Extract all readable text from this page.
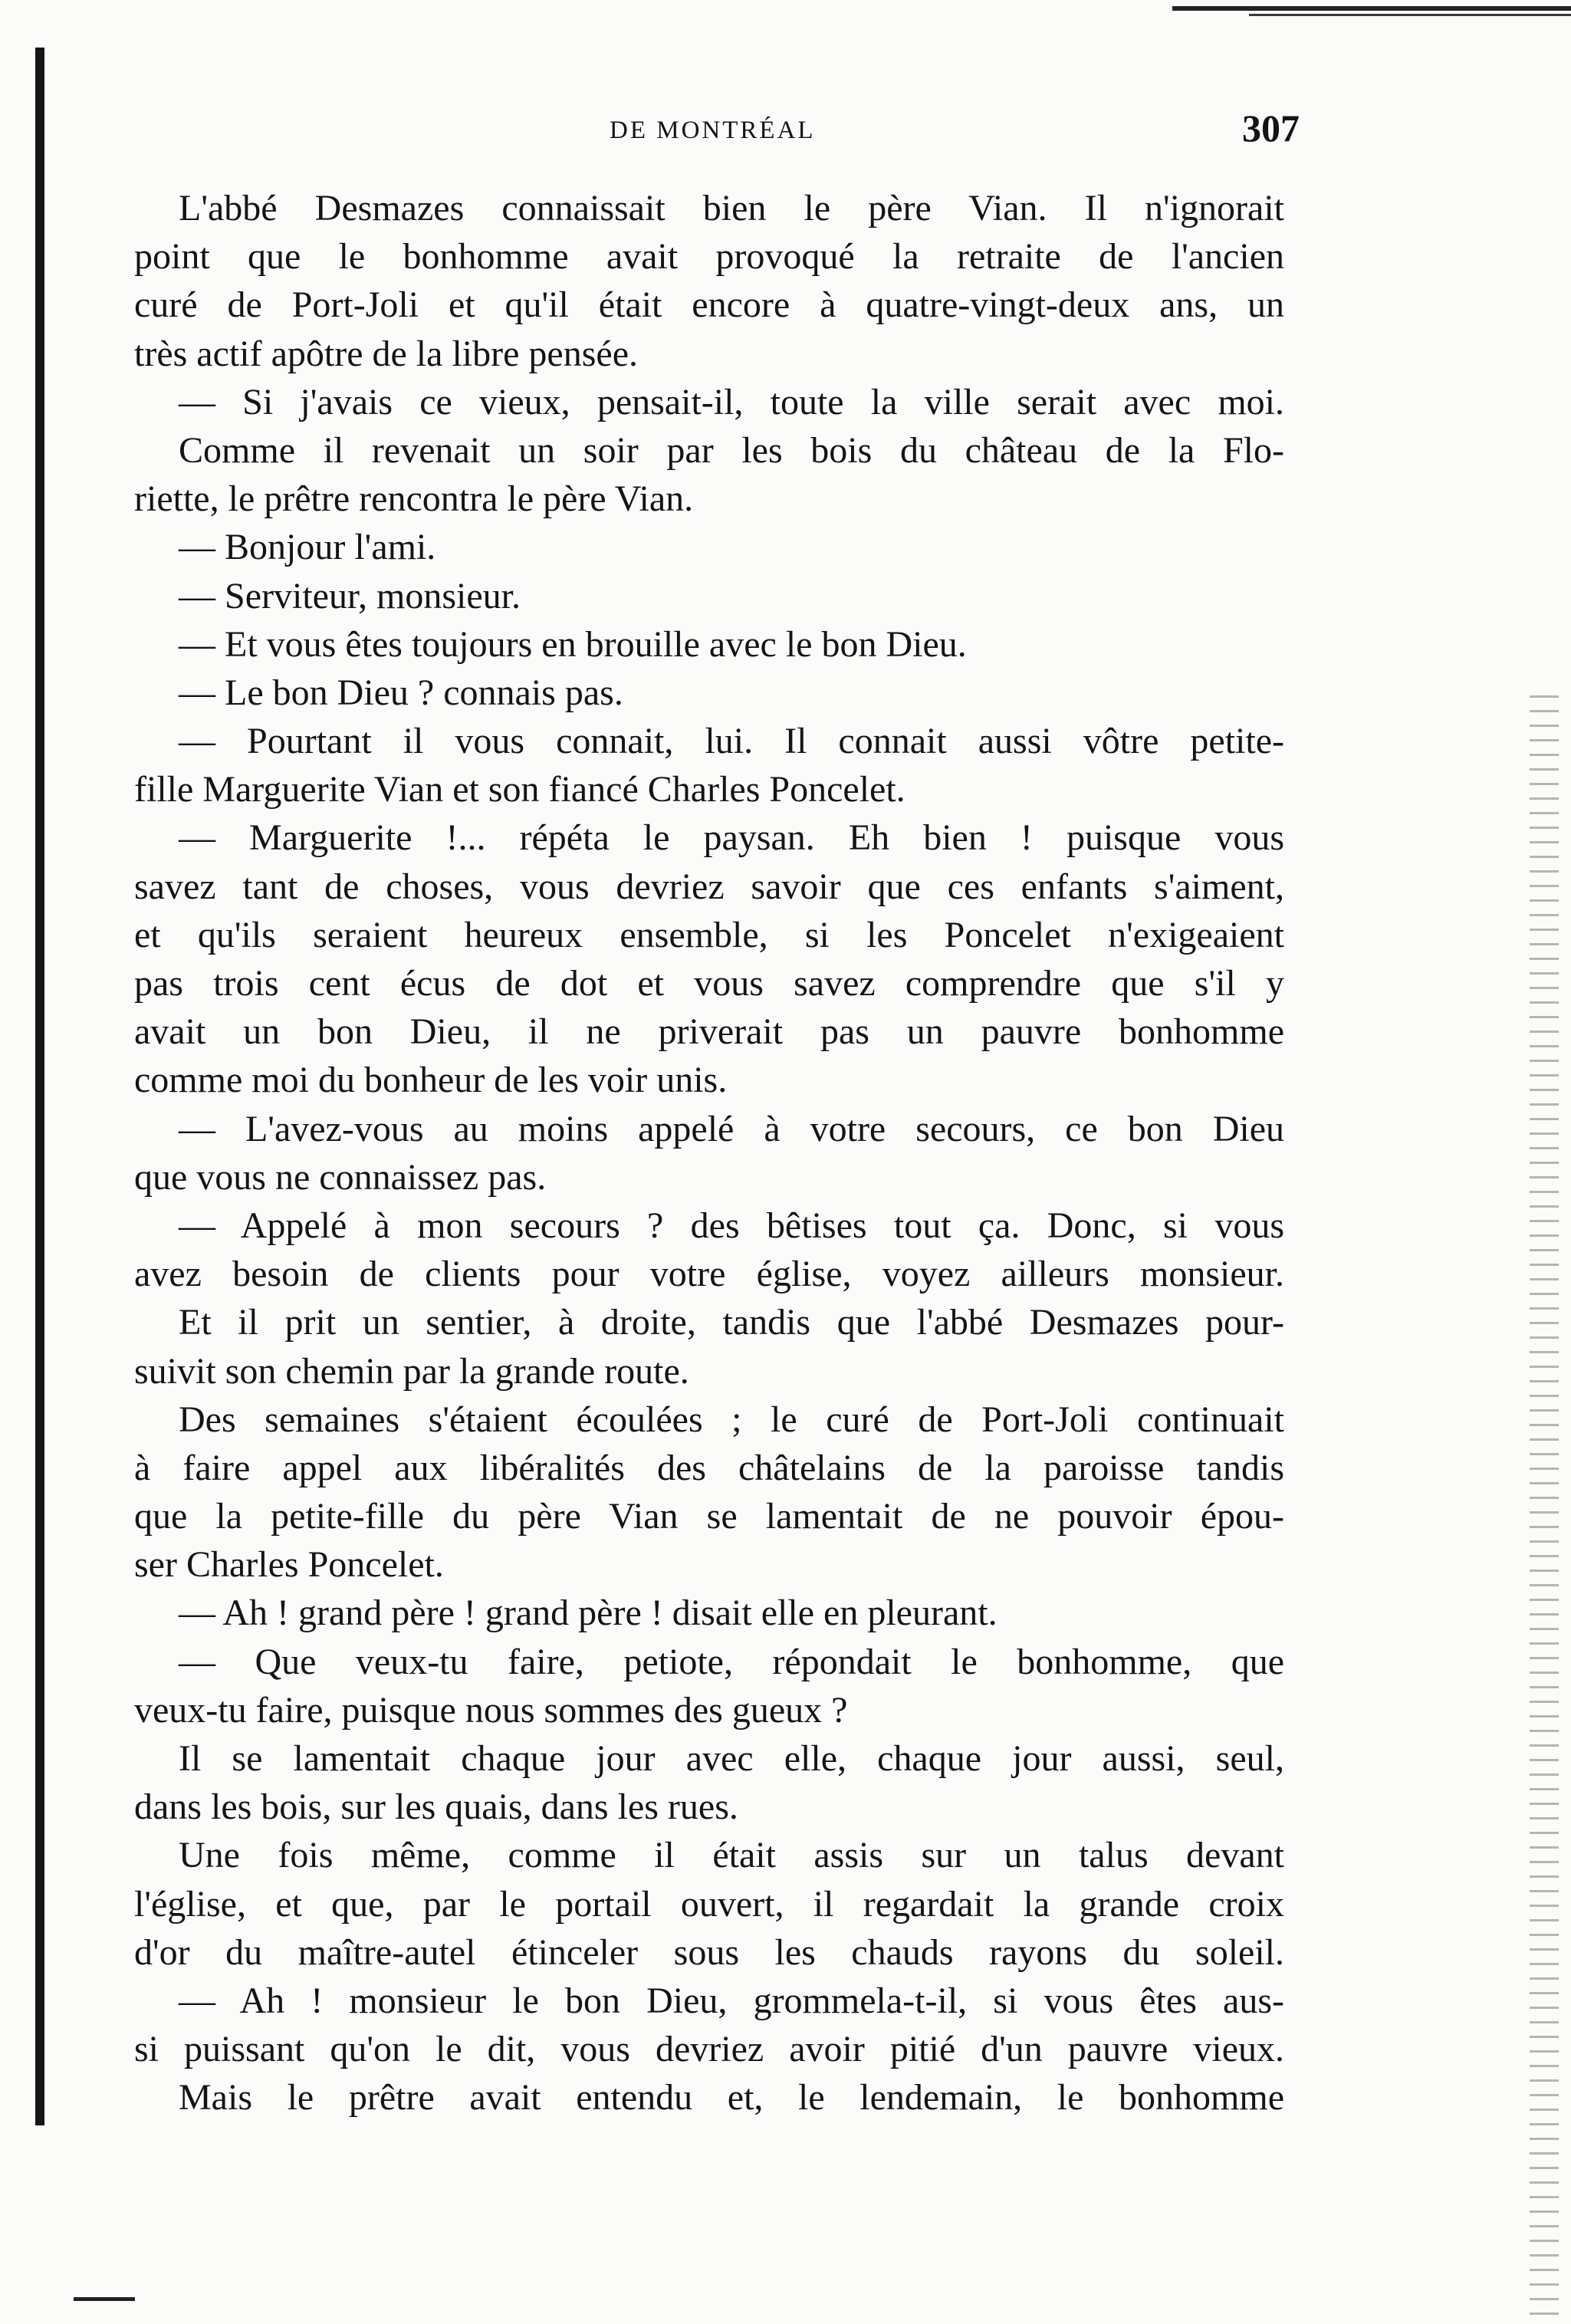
DE MONTRÉAL	307
L'abbé Desmazes connaissait bien le père Vian. Il n'ignorait
point que le bonhomme avait provoqué la retraite de l'ancien
curé de Port-Joli et qu'il était encore à quatre-vingt-deux ans, un
très actif apôtre de la libre pensée.
— Si j'avais ce vieux, pensait-il, toute la ville serait avec moi.
Comme il revenait un soir par les bois du château de la Flo-
riette, le prêtre rencontra le père Vian.
— Bonjour l'ami.
— Serviteur, monsieur.
— Et vous êtes toujours en brouille avec le bon Dieu.
— Le bon Dieu ? connais pas.
— Pourtant il vous connait, lui. Il connait aussi vôtre petite-
fille Marguerite Vian et son fiancé Charles Poncelet.
— Marguerite !... répéta le paysan. Eh bien ! puisque vous
savez tant de choses, vous devriez savoir que ces enfants s'aiment,
et qu'ils seraient heureux ensemble, si les Poncelet n'exigeaient
pas trois cent écus de dot et vous savez comprendre que s'il y
avait un bon Dieu, il ne priverait pas un pauvre bonhomme
comme moi du bonheur de les voir unis.
— L'avez-vous au moins appelé à votre secours, ce bon Dieu
que vous ne connaissez pas.
— Appelé à mon secours ? des bêtises tout ça. Donc, si vous
avez besoin de clients pour votre église, voyez ailleurs monsieur.
Et il prit un sentier, à droite, tandis que l'abbé Desmazes pour-
suivit son chemin par la grande route.
Des semaines s'étaient écoulées ; le curé de Port-Joli continuait
à faire appel aux libéralités des châtelains de la paroisse tandis
que la petite-fille du père Vian se lamentait de ne pouvoir épou-
ser Charles Poncelet.
— Ah ! grand père ! grand père ! disait elle en pleurant.
— Que veux-tu faire, petiote, répondait le bonhomme, que
veux-tu faire, puisque nous sommes des gueux ?
Il se lamentait chaque jour avec elle, chaque jour aussi, seul,
dans les bois, sur les quais, dans les rues.
Une fois même, comme il était assis sur un talus devant
l'église, et que, par le portail ouvert, il regardait la grande croix
d'or du maître-autel étinceler sous les chauds rayons du soleil.
— Ah ! monsieur le bon Dieu, grommela-t-il, si vous êtes aus-
si puissant qu'on le dit, vous devriez avoir pitié d'un pauvre vieux.
Mais le prêtre avait entendu et, le lendemain, le bonhomme
